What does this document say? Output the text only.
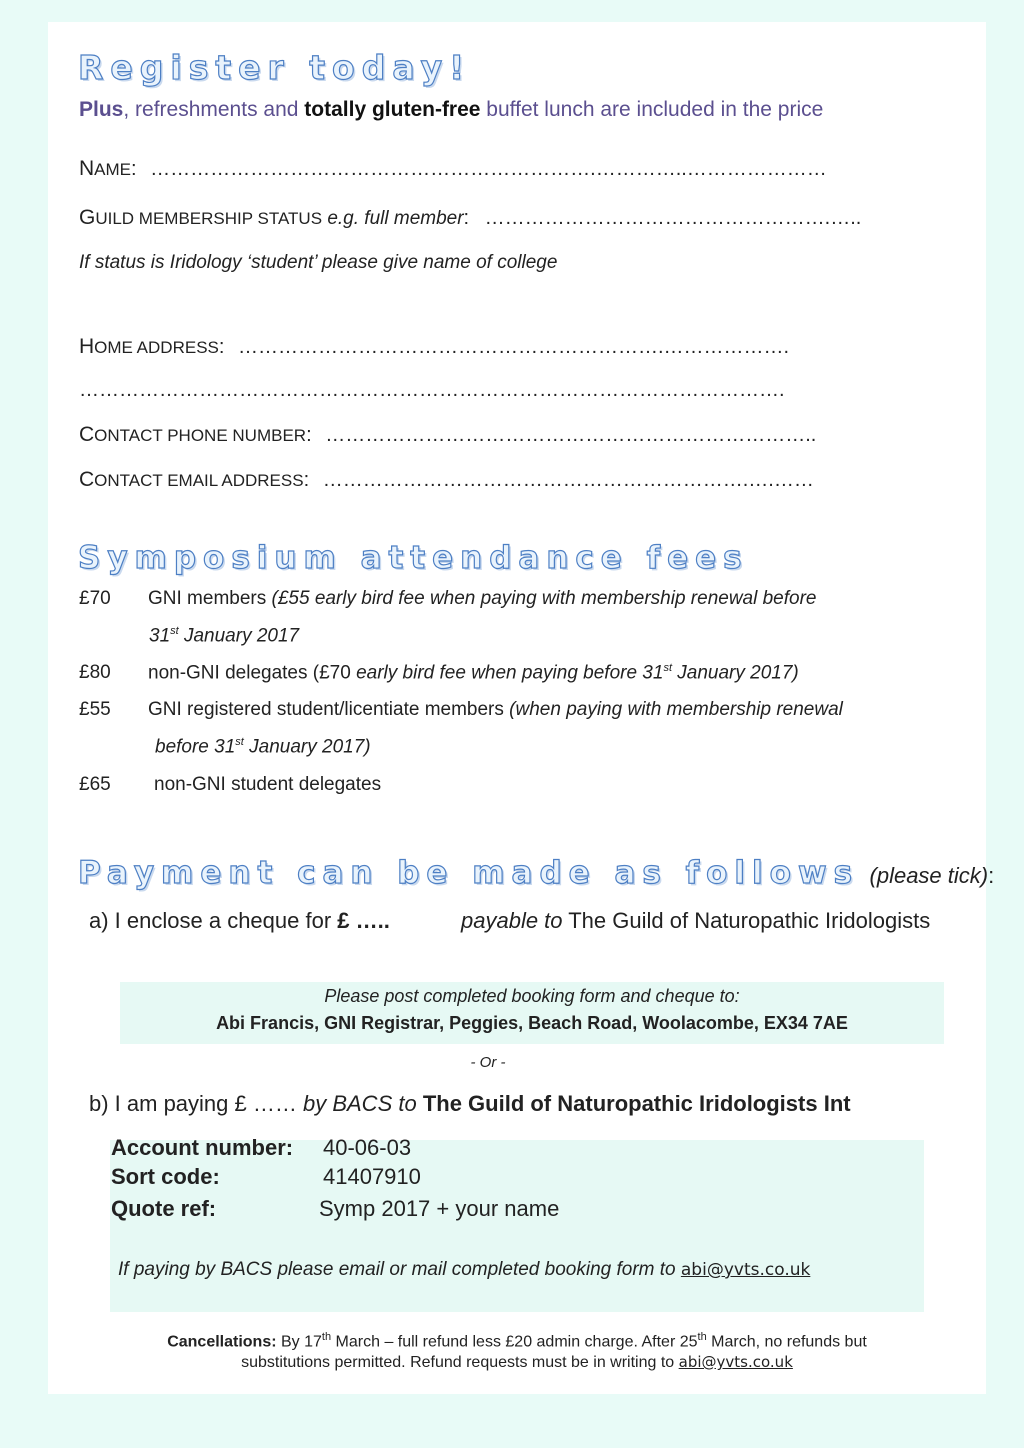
Register today!
Plus, refreshments and totally gluten-free buffet lunch are included in the price
NAME: ………………………………………………………….…………..…………………
GUILD MEMBERSHIP STATUS e.g. full member: …………………………………………….…..
If status is Iridology ‘student’ please give name of college
HOME ADDRESS: ……………………………………………………….……………….
…………………………………………………………………………………………….
CONTACT PHONE NUMBER: ………………………………………………………………..
CONTACT EMAIL ADDRESS: ……………………………………………………….….……
Symposium attendance fees
£70 GNI members (£55 early bird fee when paying with membership renewal before
31st January 2017
£80 non-GNI delegates (£70 early bird fee when paying before 31st January 2017)
£55 GNI registered student/licentiate members (when paying with membership renewal
before 31st January 2017)
£65 non-GNI student delegates
Payment can be made as follows (please tick):
a) I enclose a cheque for £ …..	payable to The Guild of Naturopathic Iridologists
Please post completed booking form and cheque to:
Abi Francis, GNI Registrar, Peggies, Beach Road, Woolacombe, EX34 7AE
- Or -
b) I am paying £ …… by BACS to The Guild of Naturopathic Iridologists Int
Account number: 40-06-03
Sort code:	41407910
Quote ref:	Symp 2017 + your name
If paying by BACS please email or mail completed booking form to abi@yvts.co.uk
Cancellations: By 17th March – full refund less £20 admin charge. After 25th March, no refunds but
substitutions permitted. Refund requests must be in writing to abi@yvts.co.uk
